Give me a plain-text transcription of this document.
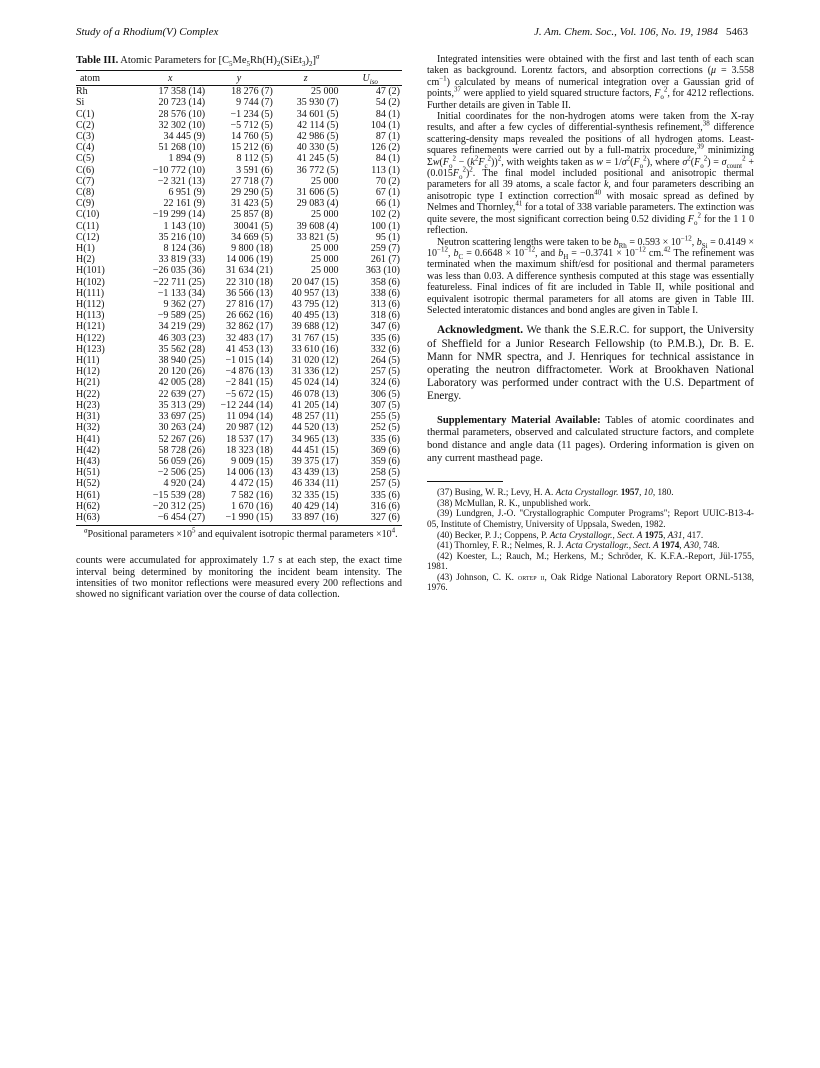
Study of a Rhodium(V) Complex	J. Am. Chem. Soc., Vol. 106, No. 19, 1984 5463
Table III. Atomic Parameters for $[C_5Me_5Rh(H)_2(SiEt_3)_2]^a$
atom	x	y	z	$U_{iso}$
Rh	17 358 (14)	18 276 (7)	25 000	47 (2)
Si	20 723 (14)	9 744 (7)	35 930 (7)	54 (2)
C(1)	28 576 (10)	−1 234 (5)	34 601 (5)	84 (1)
C(2)	32 302 (10)	−5 712 (5)	42 114 (5)	104 (1)
C(3)	34 445 (9)	14 760 (5)	42 986 (5)	87 (1)
C(4)	51 268 (10)	15 212 (6)	40 330 (5)	126 (2)
C(5)	1 894 (9)	8 112 (5)	41 245 (5)	84 (1)
C(6)	−10 772 (10)	3 591 (6)	36 772 (5)	113 (1)
C(7)	−2 321 (13)	27 718 (7)	25 000	70 (2)
C(8)	6 951 (9)	29 290 (5)	31 606 (5)	67 (1)
C(9)	22 161 (9)	31 423 (5)	29 083 (4)	66 (1)
C(10)	−19 299 (14)	25 857 (8)	25 000	102 (2)
C(11)	1 143 (10)	30041 (5)	39 608 (4)	100 (1)
C(12)	35 216 (10)	34 669 (5)	33 821 (5)	95 (1)
H(1)	8 124 (36)	9 800 (18)	25 000	259 (7)
H(2)	33 819 (33)	14 006 (19)	25 000	261 (7)
H(101)	−26 035 (36)	31 634 (21)	25 000	363 (10)
H(102)	−22 711 (25)	22 310 (18)	20 047 (15)	358 (6)
H(111)	−1 133 (34)	36 566 (13)	40 957 (13)	338 (6)
H(112)	9 362 (27)	27 816 (17)	43 795 (12)	313 (6)
H(113)	−9 589 (25)	26 662 (16)	40 495 (13)	318 (6)
H(121)	34 219 (29)	32 862 (17)	39 688 (12)	347 (6)
H(122)	46 303 (23)	32 483 (17)	31 767 (15)	335 (6)
H(123)	35 562 (28)	41 453 (13)	33 610 (16)	332 (6)
H(11)	38 940 (25)	−1 015 (14)	31 020 (12)	264 (5)
H(12)	20 120 (26)	−4 876 (13)	31 336 (12)	257 (5)
H(21)	42 005 (28)	−2 841 (15)	45 024 (14)	324 (6)
H(22)	22 639 (27)	−5 672 (15)	46 078 (13)	306 (5)
H(23)	35 313 (29)	−12 244 (14)	41 205 (14)	307 (5)
H(31)	33 697 (25)	11 094 (14)	48 257 (11)	255 (5)
H(32)	30 263 (24)	20 987 (12)	44 520 (13)	252 (5)
H(41)	52 267 (26)	18 537 (17)	34 965 (13)	335 (6)
H(42)	58 728 (26)	18 323 (18)	44 451 (15)	369 (6)
H(43)	56 059 (26)	9 009 (15)	39 375 (17)	359 (6)
H(51)	−2 506 (25)	14 006 (13)	43 439 (13)	258 (5)
H(52)	4 920 (24)	4 472 (15)	46 334 (11)	257 (5)
H(61)	−15 539 (28)	7 582 (16)	32 335 (15)	335 (6)
H(62)	−20 312 (25)	1 670 (16)	40 429 (14)	316 (6)
H(63)	−6 454 (27)	−1 990 (15)	33 897 (16)	327 (6)
$^a$Positional parameters $\times 10^5$ and equivalent isotropic thermal parameters $\times 10^4$.

counts were accumulated for approximately 1.7 s at each step, the exact time interval being determined by monitoring the incident beam intensity. The intensities of two monitor reflections were measured every 200 reflections and showed no significant variation over the course of data collection.

Integrated intensities were obtained with the first and last tenth of each scan taken as background. Lorentz factors, and absorption corrections (μ = 3.558 $cm^{-1}$) calculated by means of numerical integration over a Gaussian grid of points,$^{37}$ were applied to yield squared structure factors, $F_o^2$, for 4212 reflections. Further details are given in Table II.

Initial coordinates for the non-hydrogen atoms were taken from the X-ray results, and after a few cycles of differential-synthesis refinement,$^{38}$ difference scattering-density maps revealed the positions of all hydrogen atoms. Least-squares refinements were carried out by a full-matrix procedure,$^{39}$ minimizing $\Sigma w(F_o^2 - (k^2F_c^2))^2$, with weights taken as $w = 1/\sigma^2(F_o^2)$, where $\sigma^2(F_o^2) = \sigma_{count}^2 + (0.015F_o^2)^2$. The final model included positional and anisotropic thermal parameters for all 39 atoms, a scale factor k, and four parameters describing an anisotropic type I extinction correction$^{40}$ with mosaic spread as defined by Nelmes and Thornley,$^{41}$ for a total of 338 variable parameters. The extinction was quite severe, the most significant correction being 0.52 dividing $F_o^2$ for the 1 1 0 reflection.

Neutron scattering lengths were taken to be $b_{Rh} = 0.593 \times 10^{-12}$, $b_{Si} = 0.4149 \times 10^{-12}$, $b_C = 0.6648 \times 10^{-12}$, and $b_H = -0.3741 \times 10^{-12}$ cm.$^{42}$ The refinement was terminated when the maximum shift/esd for positional and thermal parameters was less than 0.03. A difference synthesis computed at this stage was essentially featureless. Final indices of fit are included in Table II, while positional and equivalent isotropic thermal parameters for all atoms are given in Table III. Selected interatomic distances and bond angles are given in Table I.

Acknowledgment. We thank the S.E.R.C. for support, the University of Sheffield for a Junior Research Fellowship (to P.M.B.), Dr. B. E. Mann for NMR spectra, and J. Henriques for technical assistance in operating the neutron diffractometer. Work at Brookhaven National Laboratory was performed under contract with the U.S. Department of Energy.

Supplementary Material Available: Tables of atomic coordinates and thermal parameters, observed and calculated structure factors, and complete bond distance and angle data (11 pages). Ordering information is given on any current masthead page.

(37) Busing, W. R.; Levy, H. A. Acta Crystallogr. 1957, 10, 180.

(38) McMullan, R. K., unpublished work.

(39) Lundgren, J.-O. "Crystallographic Computer Programs"; Report UUIC-B13-4-05, Institute of Chemistry, University of Uppsala, Sweden, 1982.

(40) Becker, P. J.; Coppens, P. Acta Crystallogr., Sect. A 1975, A31, 417.

(41) Thornley, F. R.; Nelmes, R. J. Acta Crystallogr., Sect. A 1974, A30, 748.

(42) Koester, L.; Rauch, M.; Herkens, M.; Schröder, K. K.F.A.-Report, Jül-1755, 1981.

(43) Johnson, C. K. ortep ii, Oak Ridge National Laboratory Report ORNL-5138, 1976.
